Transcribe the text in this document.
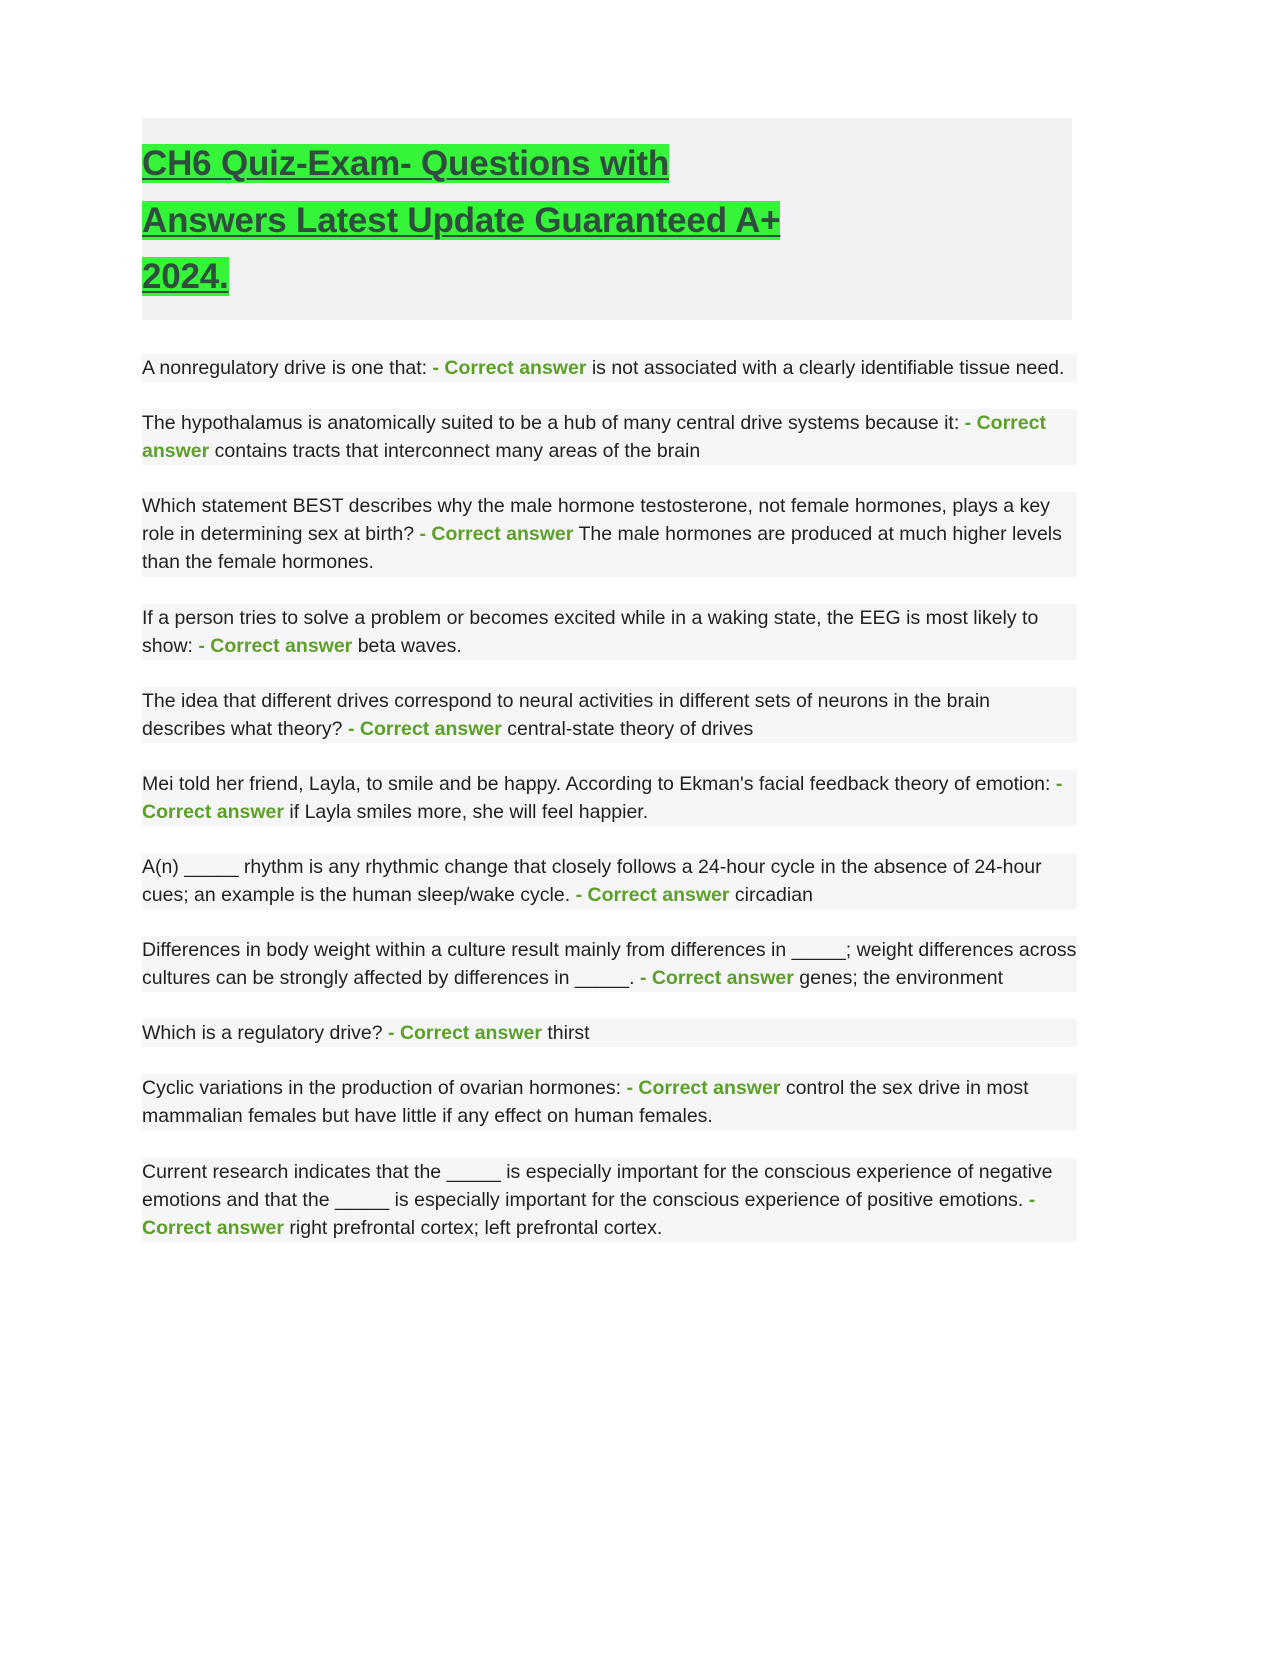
CH6 Quiz-Exam- Questions with
Answers Latest Update Guaranteed A+
2024.

A nonregulatory drive is one that: - Correct answer is not associated with a clearly identifiable tissue need.

The hypothalamus is anatomically suited to be a hub of many central drive systems because it: - Correct answer contains tracts that interconnect many areas of the brain

Which statement BEST describes why the male hormone testosterone, not female hormones, plays a key role in determining sex at birth? - Correct answer The male hormones are produced at much higher levels than the female hormones.

If a person tries to solve a problem or becomes excited while in a waking state, the EEG is most likely to show: - Correct answer beta waves.

The idea that different drives correspond to neural activities in different sets of neurons in the brain describes what theory? - Correct answer central-state theory of drives

Mei told her friend, Layla, to smile and be happy. According to Ekman's facial feedback theory of emotion: - Correct answer if Layla smiles more, she will feel happier.

A(n) _____ rhythm is any rhythmic change that closely follows a 24-hour cycle in the absence of 24-hour cues; an example is the human sleep/wake cycle. - Correct answer circadian

Differences in body weight within a culture result mainly from differences in _____; weight differences across cultures can be strongly affected by differences in _____. - Correct answer genes; the environment

Which is a regulatory drive? - Correct answer thirst

Cyclic variations in the production of ovarian hormones: - Correct answer control the sex drive in most mammalian females but have little if any effect on human females.

Current research indicates that the _____ is especially important for the conscious experience of negative emotions and that the _____ is especially important for the conscious experience of positive emotions. - Correct answer right prefrontal cortex; left prefrontal cortex.
